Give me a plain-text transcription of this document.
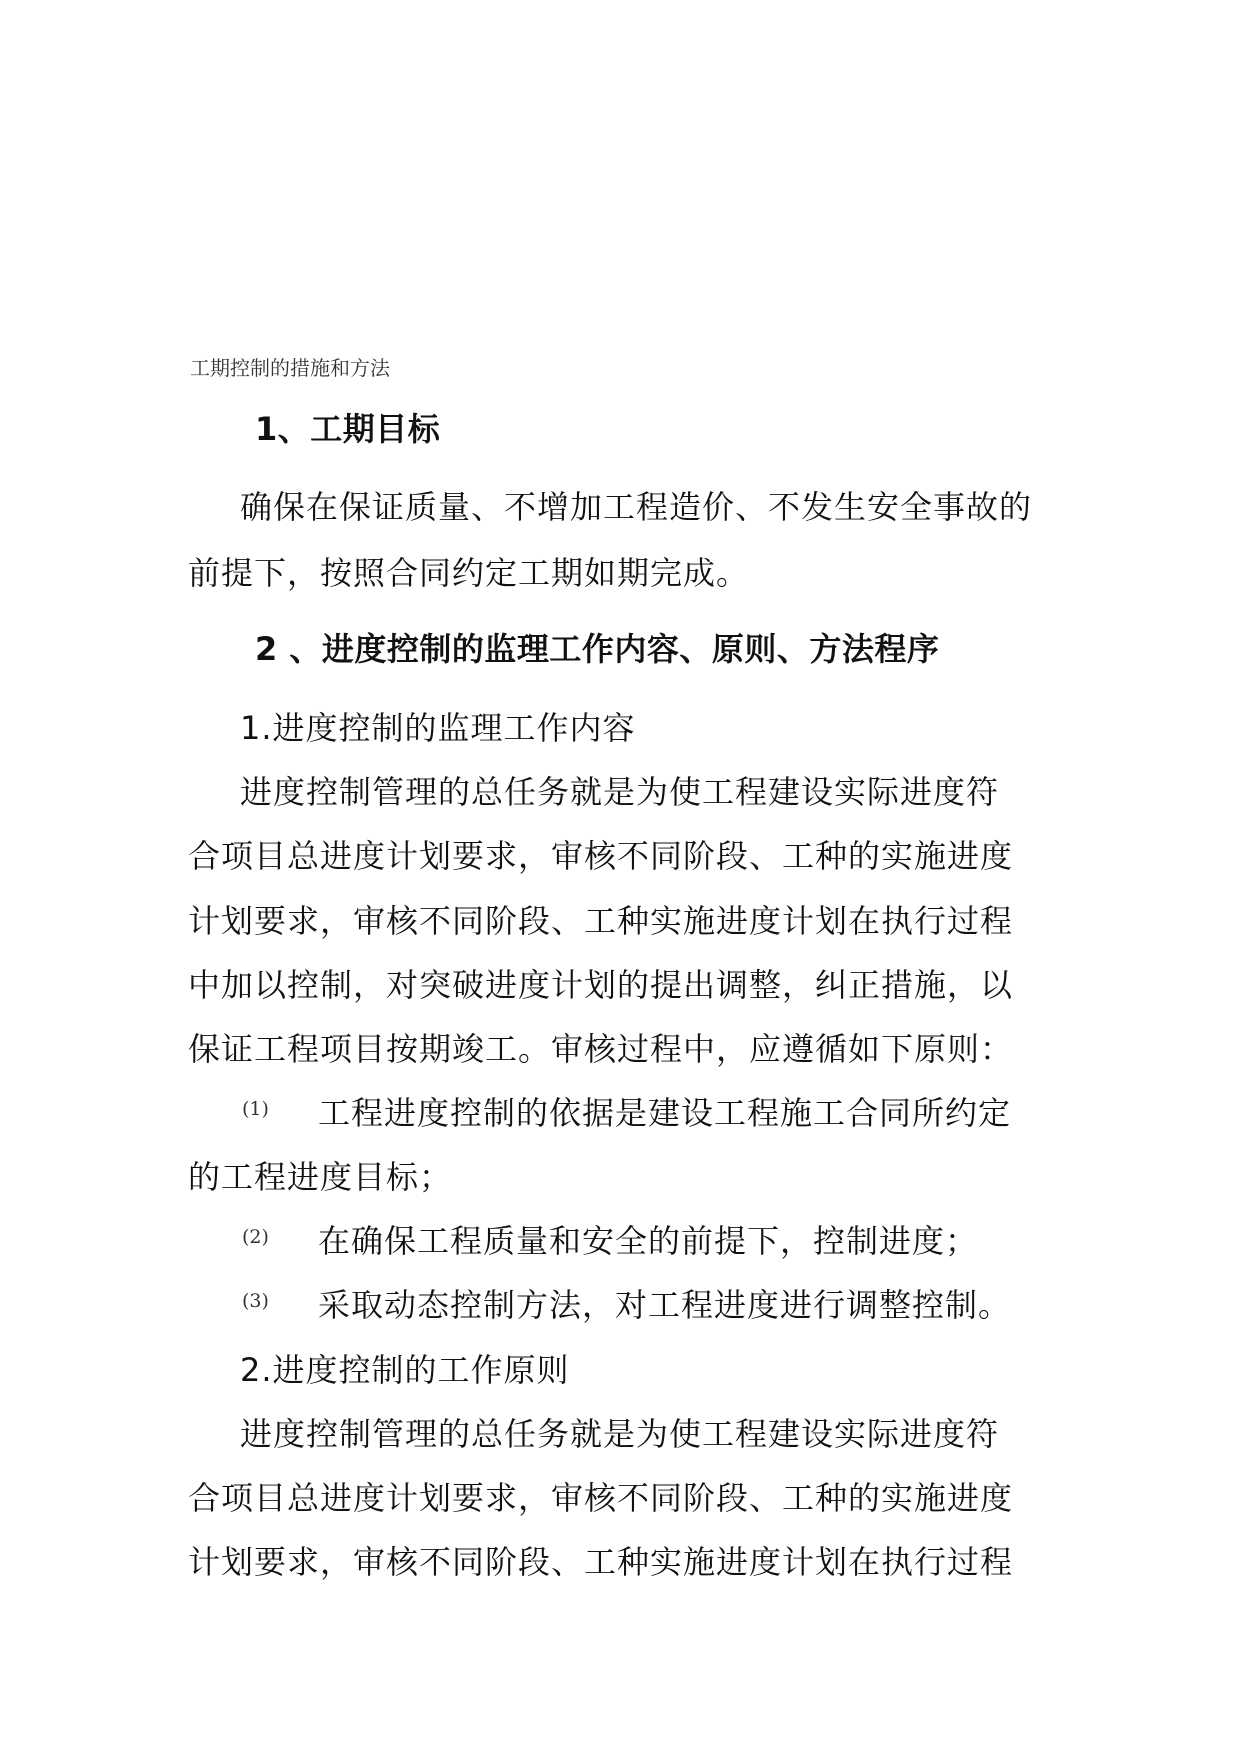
工期控制的措施和方法
1、工期目标
确保在保证质量、不增加工程造价、不发生安全事故的
前提下，按照合同约定工期如期完成。
2 、进度控制的监理工作内容、原则、方法程序
1.进度控制的监理工作内容
进度控制管理的总任务就是为使工程建设实际进度符
合项目总进度计划要求，审核不同阶段、工种的实施进度
计划要求，审核不同阶段、工种实施进度计划在执行过程
中加以控制，对突破进度计划的提出调整，纠正措施，以
保证工程项目按期竣工。审核过程中，应遵循如下原则：
(1) 工程进度控制的依据是建设工程施工合同所约定
的工程进度目标；
(2) 在确保工程质量和安全的前提下，控制进度；
(3) 采取动态控制方法，对工程进度进行调整控制。
2.进度控制的工作原则
进度控制管理的总任务就是为使工程建设实际进度符
合项目总进度计划要求，审核不同阶段、工种的实施进度
计划要求，审核不同阶段、工种实施进度计划在执行过程
